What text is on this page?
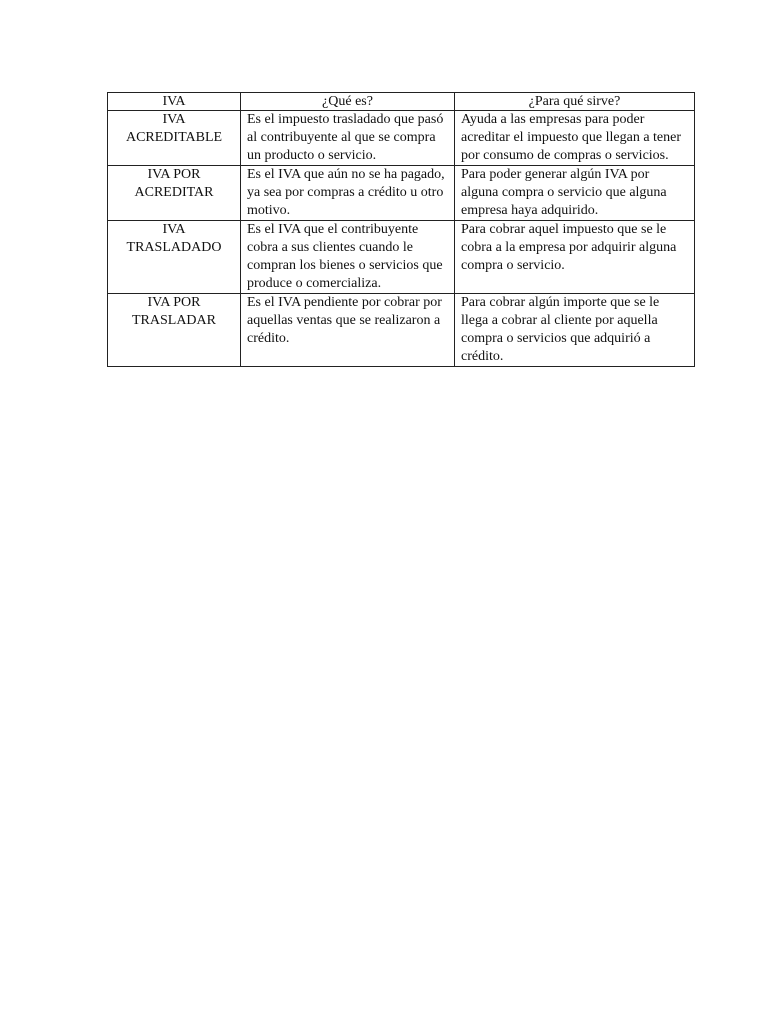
IVA	¿Qué es?	¿Para qué sirve?
IVA ACREDITABLE	Es el impuesto trasladado que pasó al contribuyente al que se compra un producto o servicio.	Ayuda a las empresas para poder acreditar el impuesto que llegan a tener por consumo de compras o servicios.
IVA POR ACREDITAR	Es el IVA que aún no se ha pagado, ya sea por compras a crédito u otro motivo.	Para poder generar algún IVA por alguna compra o servicio que alguna empresa haya adquirido.
IVA TRASLADADO	Es el IVA que el contribuyente cobra a sus clientes cuando le compran los bienes o servicios que produce o comercializa.	Para cobrar aquel impuesto que se le cobra a la empresa por adquirir alguna compra o servicio.
IVA POR TRASLADAR	Es el IVA pendiente por cobrar por aquellas ventas que se realizaron a crédito.	Para cobrar algún importe que se le llega a cobrar al cliente por aquella compra o servicios que adquirió a crédito.
